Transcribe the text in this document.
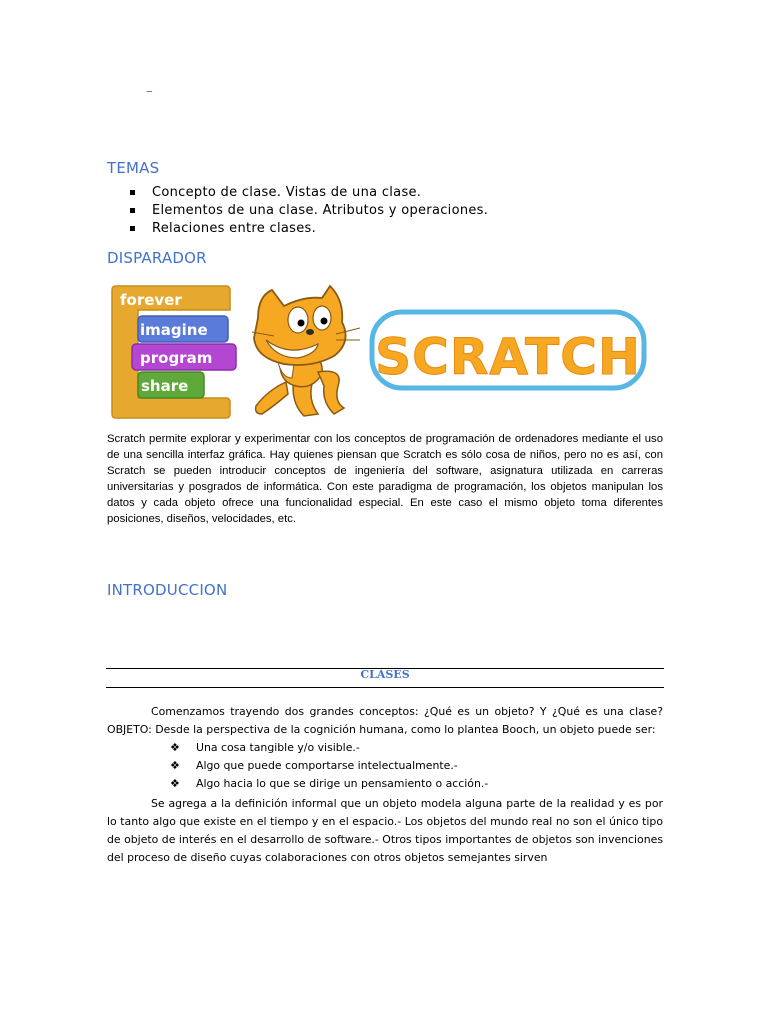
–
TEMAS
Concepto de clase. Vistas de una clase.
Elementos de una clase. Atributos y operaciones.
Relaciones entre clases.
DISPARADOR
forever
imagine
program
share	SCRATCH
Scratch permite explorar y experimentar con los conceptos de programación de ordenadores mediante el uso de una sencilla interfaz gráfica. Hay quienes piensan que Scratch es sólo cosa de niños, pero no es así, con Scratch se pueden introducir conceptos de ingeniería del software, asignatura utilizada en carreras universitarias y posgrados de informática. Con este paradigma de programación, los objetos manipulan los datos y cada objeto ofrece una funcionalidad especial. En este caso el mismo objeto toma diferentes posiciones, diseños, velocidades, etc.
INTRODUCCION
CLASES
Comenzamos trayendo dos grandes conceptos: ¿Qué es un objeto? Y ¿Qué es una clase? OBJETO: Desde la perspectiva de la cognición humana, como lo plantea Booch, un objeto puede ser:
❖	Una cosa tangible y/o visible.-
❖	Algo que puede comportarse intelectualmente.-
❖	Algo hacia lo que se dirige un pensamiento o acción.-
Se agrega a la definición informal que un objeto modela alguna parte de la realidad y es por lo tanto algo que existe en el tiempo y en el espacio.- Los objetos del mundo real no son el único tipo de objeto de interés en el desarrollo de software.- Otros tipos importantes de objetos son invenciones del proceso de diseño cuyas colaboraciones con otros objetos semejantes sirven
